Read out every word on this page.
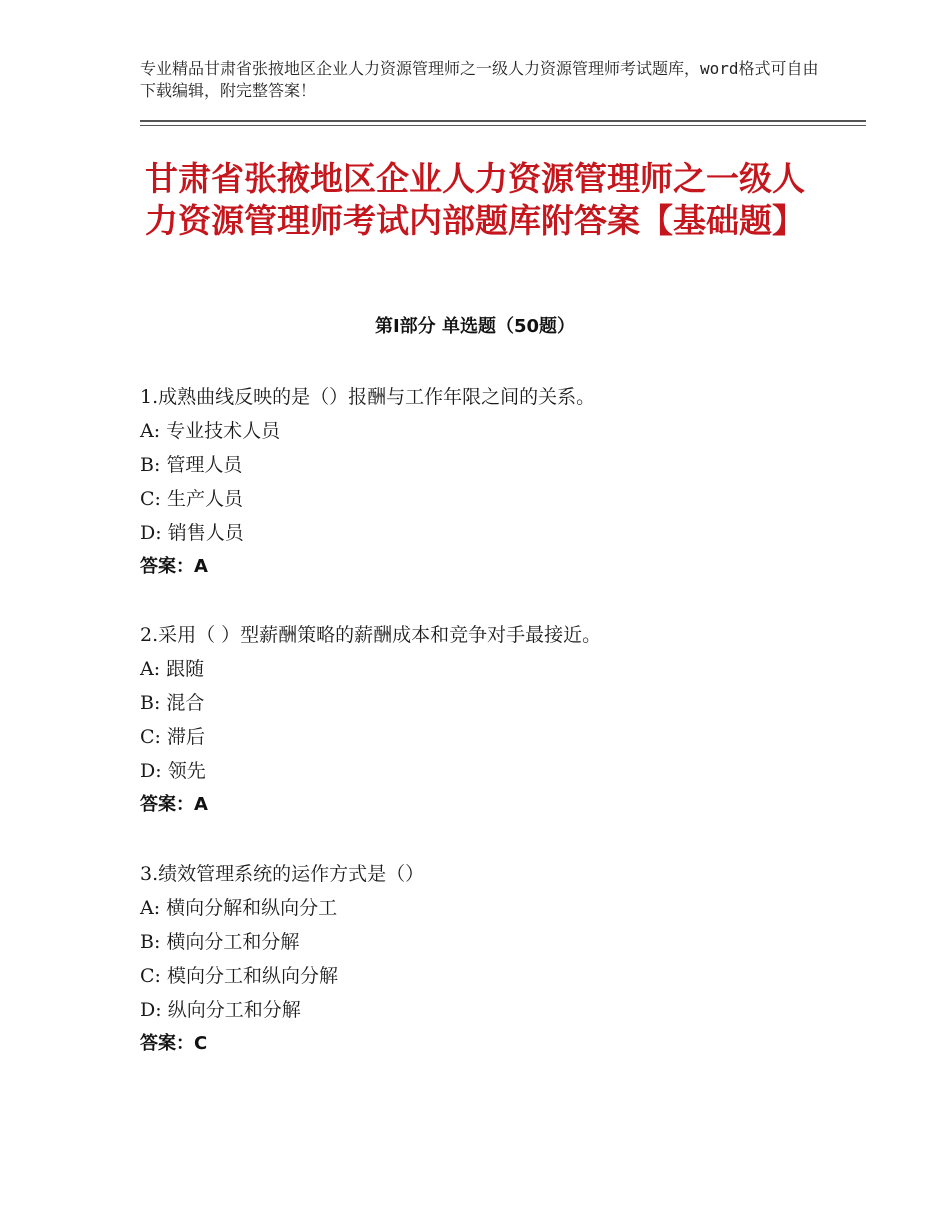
专业精品甘肃省张掖地区企业人力资源管理师之一级人力资源管理师考试题库，word格式可自由下载编辑，附完整答案！
甘肃省张掖地区企业人力资源管理师之一级人力资源管理师考试内部题库附答案【基础题】
第Ⅰ部分 单选题（50题）
1.成熟曲线反映的是（）报酬与工作年限之间的关系。
A: 专业技术人员
B: 管理人员
C: 生产人员
D: 销售人员
答案：A
2.采用（ ）型薪酬策略的薪酬成本和竞争对手最接近。
A: 跟随
B: 混合
C: 滞后
D: 领先
答案：A
3.绩效管理系统的运作方式是（）
A: 横向分解和纵向分工
B: 横向分工和分解
C: 模向分工和纵向分解
D: 纵向分工和分解
答案：C
